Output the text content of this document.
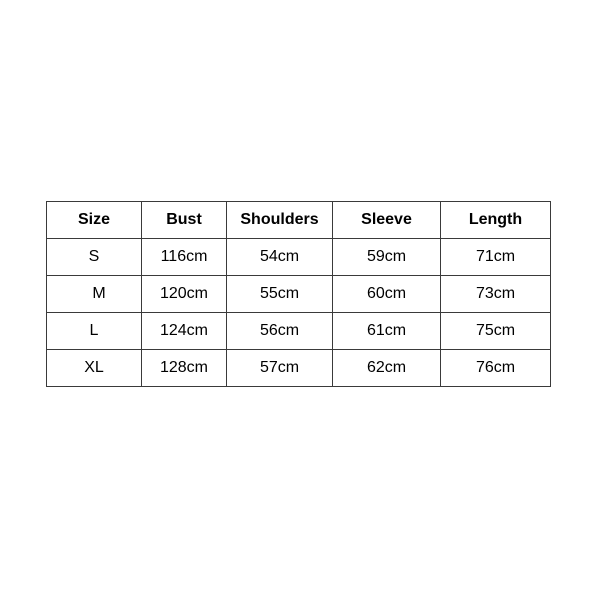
Size	Bust	Shoulders	Sleeve	Length
S	116cm	54cm	59cm	71cm
M	120cm	55cm	60cm	73cm
L	124cm	56cm	61cm	75cm
XL	128cm	57cm	62cm	76cm
